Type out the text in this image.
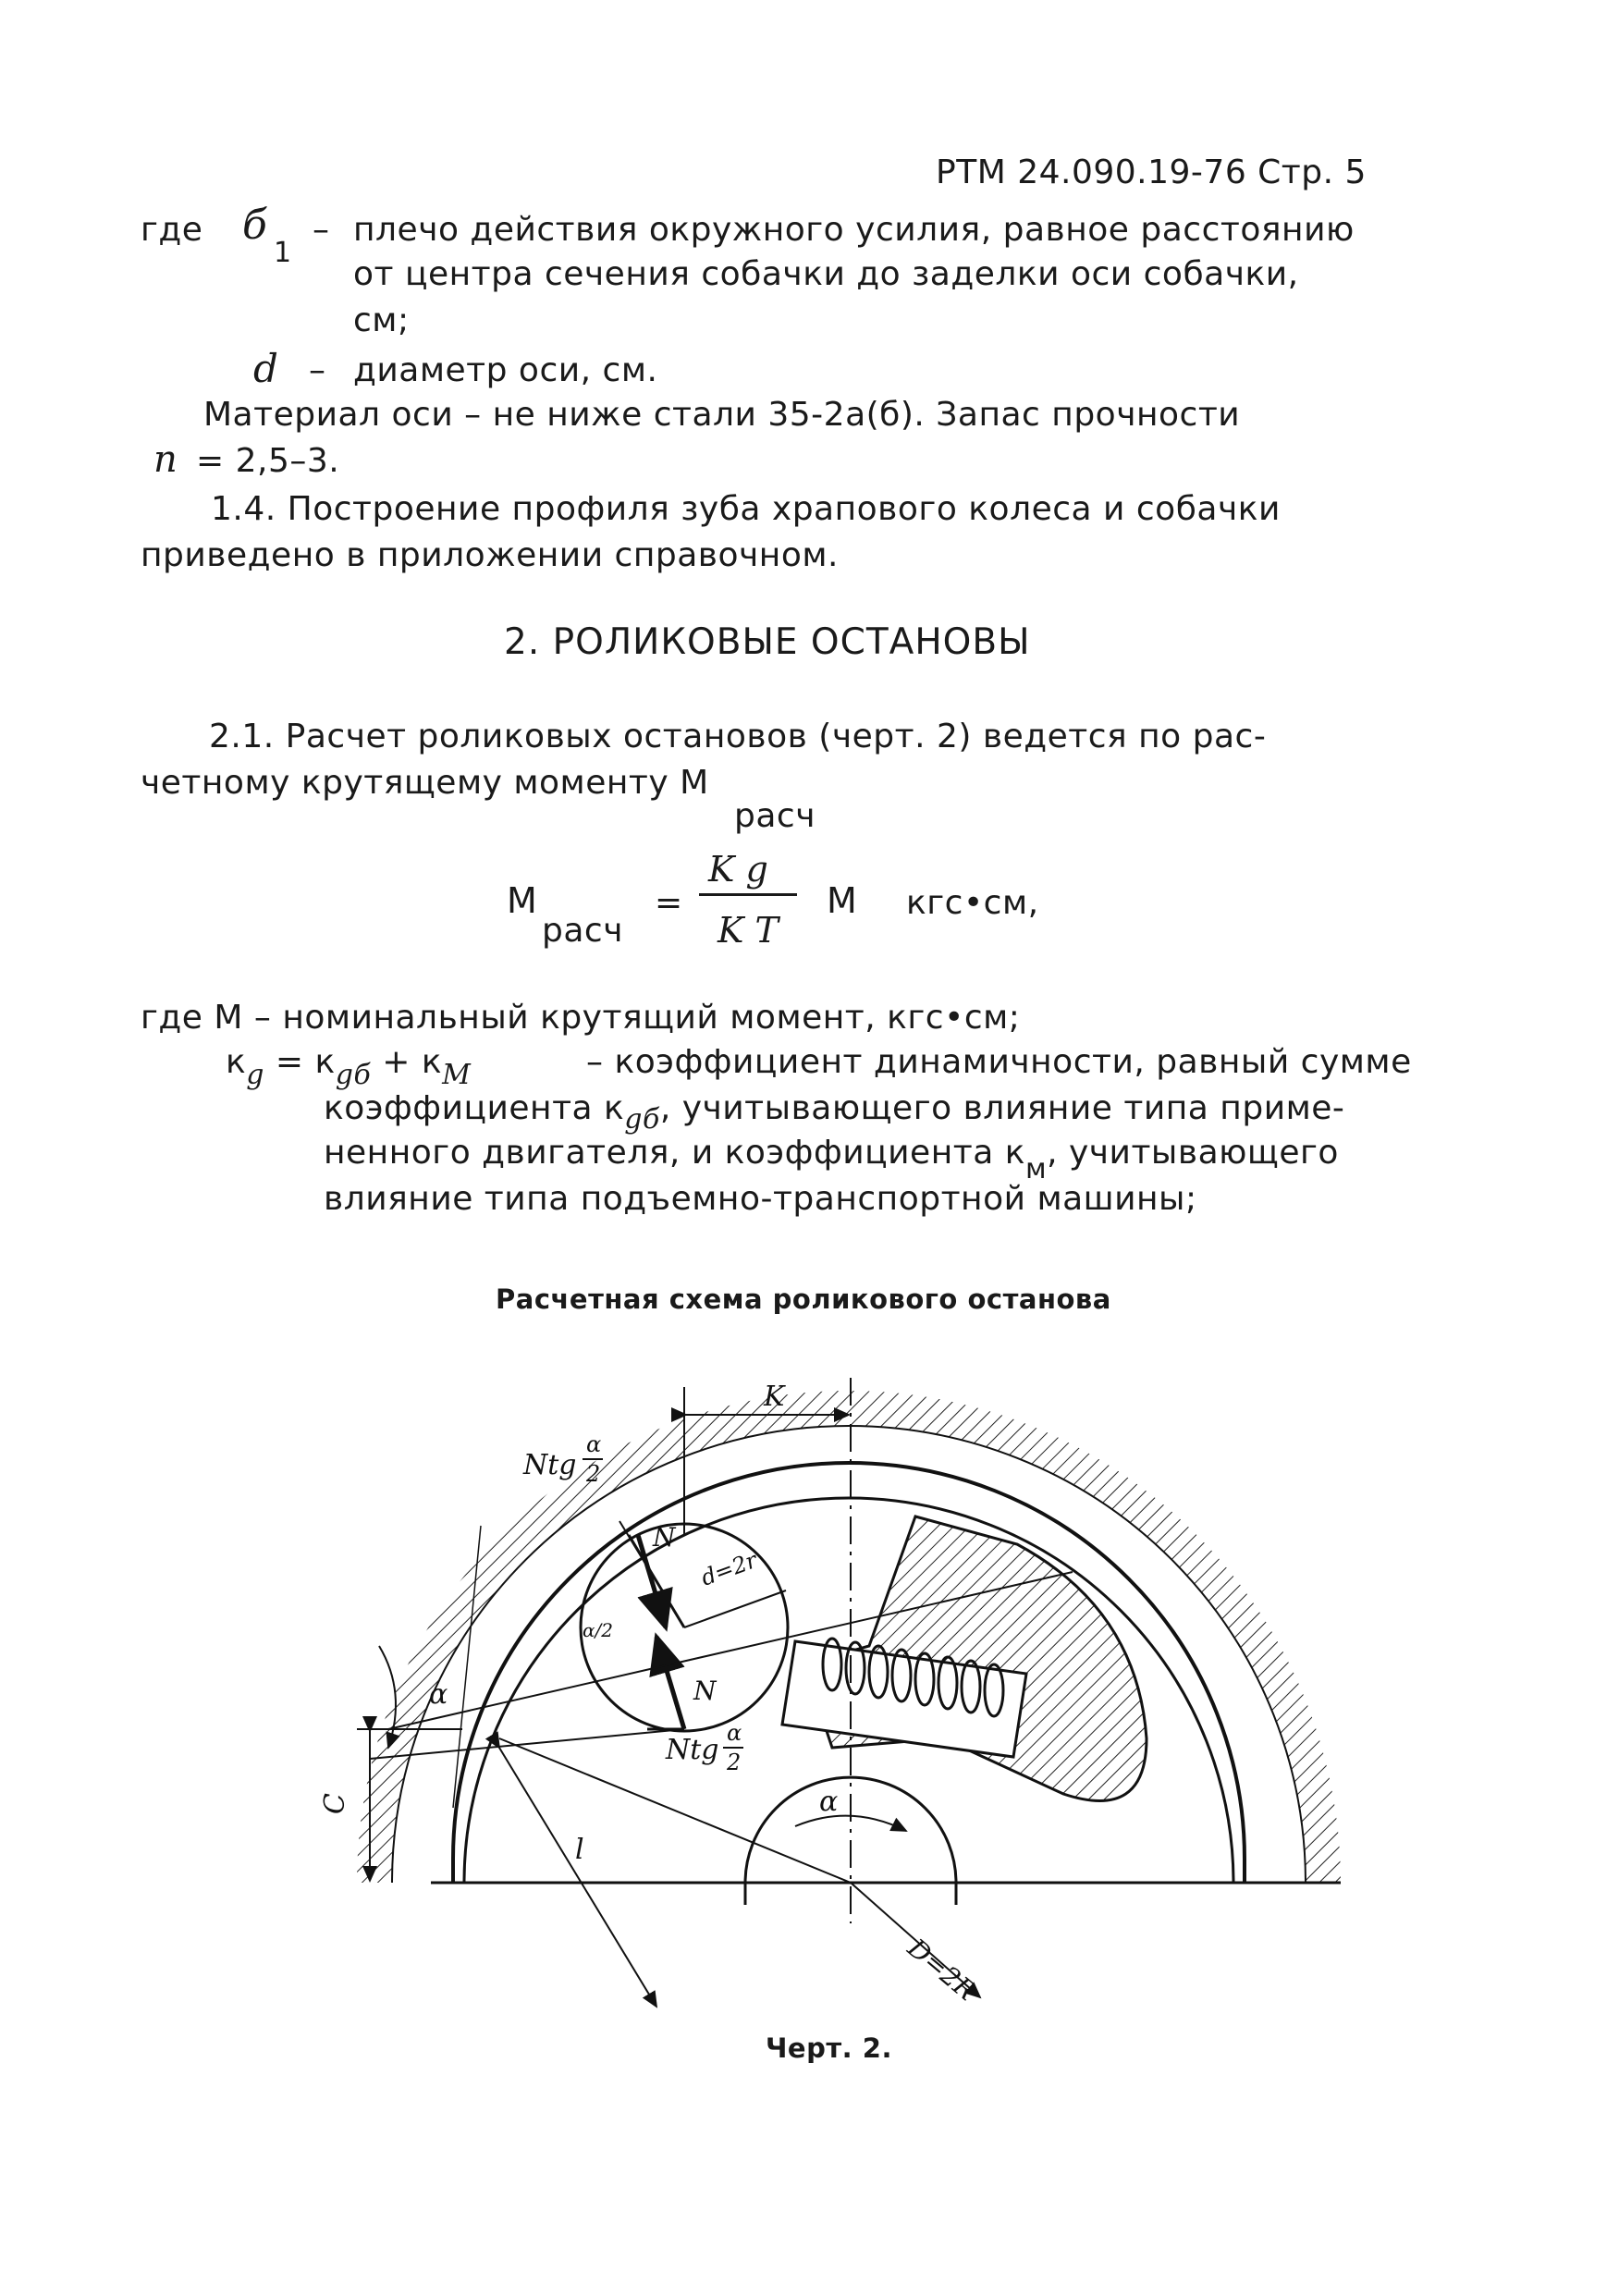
РТМ 24.090.19-76 Стр. 5
где б
1
– плечо действия окружного усилия, равное расстоянию
от центра сечения собачки до заделки оси собачки,
см;
d – диаметр оси, см.
Материал оси – не ниже стали 35-2а(б). Запас прочности
n = 2,5–3.
1.4. Построение профиля зуба храпового колеса и собачки
приведено в приложении справочном.
2. РОЛИКОВЫЕ ОСТАНОВЫ
2.1. Расчет роликовых остановов (черт. 2) ведется по рас-
четному крутящему моменту М
расч
М
расч
=
K g
K T
М кгс•см,
где М – номинальный крутящий момент, кгс•см;
$к_g = к_{gб} + к_M$	– коэффициент динамичности, равный сумме
коэффициента $к_{gб}$, учитывающего влияние типа приме-
ненного двигателя, и коэффициента $к_м$, учитывающего
влияние типа подъемно-транспортной машины;
Расчетная схема роликового останова
K
Ntg
α
2
N
N
d=2r
α/2
α
α
Ntg
α
2
C
l
D=2R
Черт. 2.
